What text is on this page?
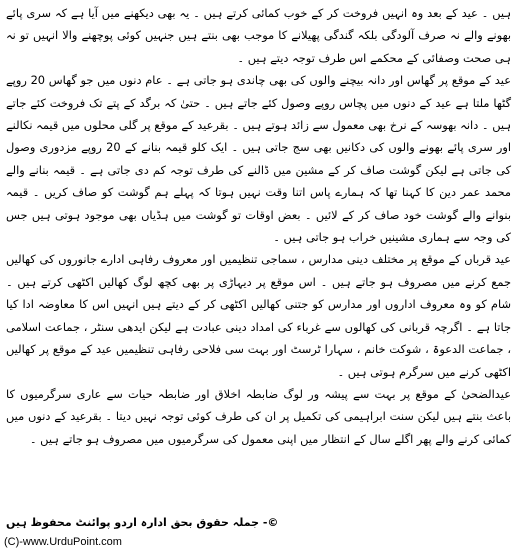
ہیں ۔ عید کے بعد وہ انہیں فروخت کر کے خوب کمائی کرتے ہیں ۔ یہ بھی دیکھنے میں آیا ہے کہ سری پائے بھونے والے نہ صرف آلودگی بلکہ گندگی پھیلانے کا موجب بھی بنتے ہیں جنہیں کوئی پوچھنے والا انہیں تو نہ ہی صحت وصفائی کے محکمے اس طرف توجہ دیتے ہیں ۔

عید کے موقع پر گھاس اور دانہ بیچنے والوں کی بھی چاندی ہو جاتی ہے ۔ عام دنوں میں جو گھاس 20 روپے گٹھا ملتا ہے عید کے دنوں میں پچاس روپے وصول کئے جاتے ہیں ۔ حتیٰ کہ برگد کے پتے تک فروخت کئے جاتے ہیں ۔ دانہ بھوسہ کے نرخ بھی معمول سے زائد ہوتے ہیں ۔ بقرعید کے موقع پر گلی محلوں میں قیمہ نکالنے اور سری پائے بھونے والوں کی دکانیں بھی سج جاتی ہیں ۔ ایک کلو قیمہ بنانے کے 20 روپے مزدوری وصول کی جاتی ہے لیکن گوشت صاف کر کے مشین میں ڈالنے کی طرف توجہ کم دی جاتی ہے ۔ قیمہ بنانے والے محمد عمر دین کا کہنا تھا کہ ہمارے پاس اتنا وقت نہیں ہوتا کہ پہلے ہم گوشت کو صاف کریں ۔ قیمہ بنوانے والے گوشت خود صاف کر کے لائیں ۔ بعض اوقات تو گوشت میں ہڈیاں بھی موجود ہوتی ہیں جس کی وجہ سے ہماری مشینیں خراب ہو جاتی ہیں ۔

عید قرباں کے موقع پر مختلف دینی مدارس ، سماجی تنظیمیں اور معروف رفاہی ادارے جانوروں کی کھالیں جمع کرنے میں مصروف ہو جاتے ہیں ۔ اس موقع پر دیہاڑی پر بھی کچھ لوگ کھالیں اکٹھی کرتے ہیں ۔ شام کو وہ معروف اداروں اور مدارس کو جتنی کھالیں اکٹھی کر کے دیتے ہیں انہیں اس کا معاوضہ ادا کیا جاتا ہے ۔ اگرچہ قربانی کی کھالوں سے غرباء کی امداد دینی عبادت ہے لیکن ایدھی سنٹر ، جماعت اسلامی ، جماعت الدعوۃ ، شوکت خانم ، سہارا ٹرسٹ اور بہت سی فلاحی رفاہی تنظیمیں عید کے موقع پر کھالیں اکٹھی کرنے میں سرگرم ہوتی ہیں ۔

عیدالضحیٰ کے موقع پر بہت سے پیشہ ور لوگ ضابطہ اخلاق اور ضابطہ حیات سے عاری سرگرمیوں کا باعث بنتے ہیں لیکن سنت ابراہیمی کی تکمیل پر ان کی طرف کوئی توجہ نہیں دیتا ۔ بقرعید کے دنوں میں کمائی کرنے والے پھر اگلے سال کے انتظار میں اپنی معمول کی سرگرمیوں میں مصروف ہو جاتے ہیں ۔

©- جملہ حقوق بحق ادارہ اردو پوائنٹ محفوظ ہیں
(C)-www.UrduPoint.com
